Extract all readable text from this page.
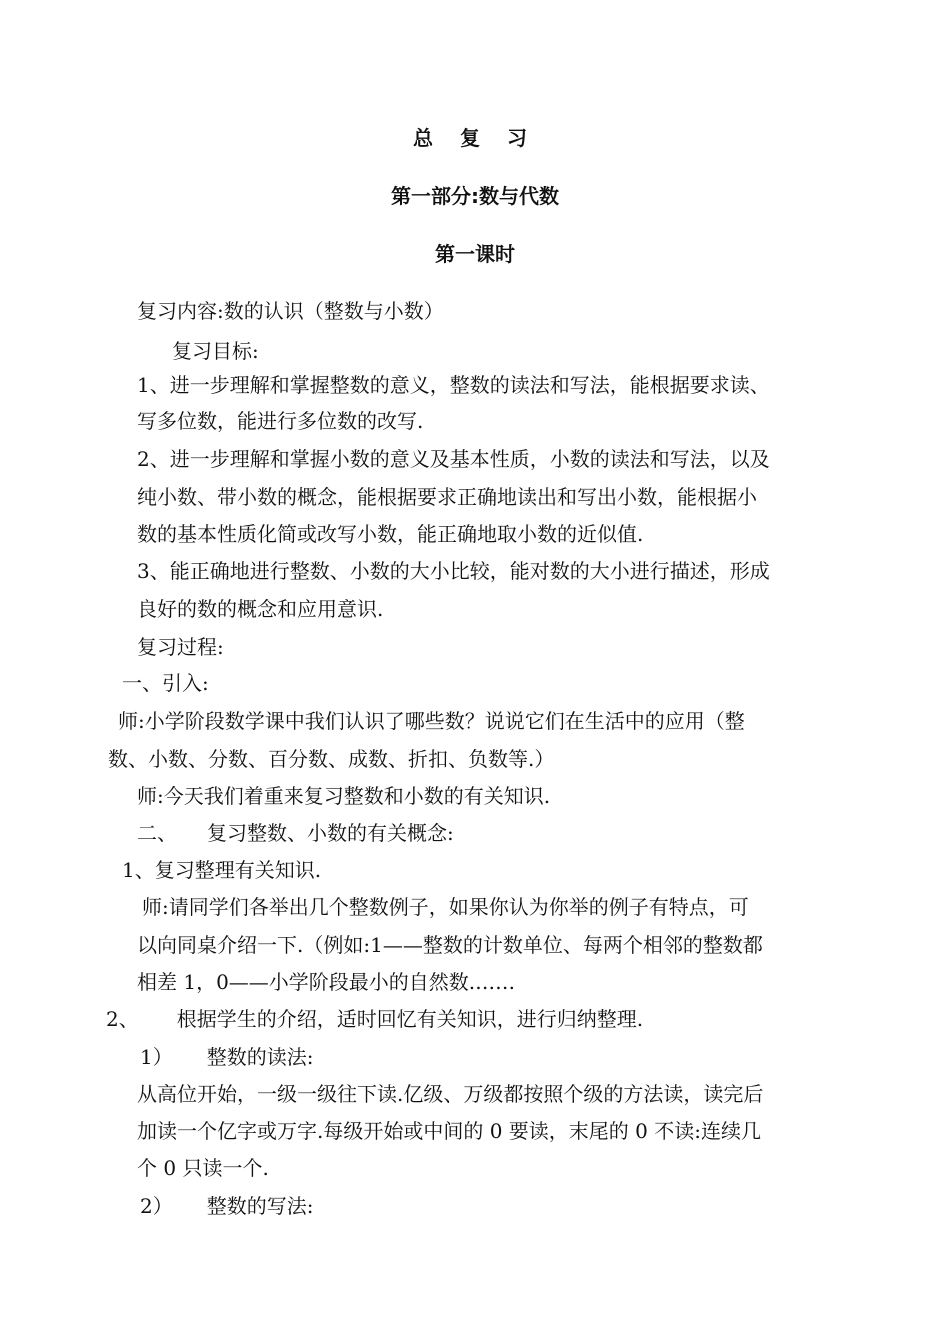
总 复 习
第一部分:数与代数
第一课时
复习内容:数的认识（整数与小数）
复习目标:
1、进一步理解和掌握整数的意义，整数的读法和写法，能根据要求读、
写多位数，能进行多位数的改写.
2、进一步理解和掌握小数的意义及基本性质，小数的读法和写法，以及
纯小数、带小数的概念，能根据要求正确地读出和写出小数，能根据小
数的基本性质化简或改写小数，能正确地取小数的近似值.
3、能正确地进行整数、小数的大小比较，能对数的大小进行描述，形成
良好的数的概念和应用意识.
复习过程:
一、引入:
师:小学阶段数学课中我们认识了哪些数？说说它们在生活中的应用（整
数、小数、分数、百分数、成数、折扣、负数等.）
师:今天我们着重来复习整数和小数的有关知识.
二、 复习整数、小数的有关概念:
1、复习整理有关知识.
师:请同学们各举出几个整数例子，如果你认为你举的例子有特点，可
以向同桌介绍一下.（例如:1——整数的计数单位、每两个相邻的整数都
相差 1，0——小学阶段最小的自然数.……
2、 根据学生的介绍，适时回忆有关知识，进行归纳整理.
1） 整数的读法:
从高位开始，一级一级往下读.亿级、万级都按照个级的方法读，读完后
加读一个亿字或万字.每级开始或中间的 0 要读，末尾的 0 不读:连续几
个 0 只读一个.
2） 整数的写法:
